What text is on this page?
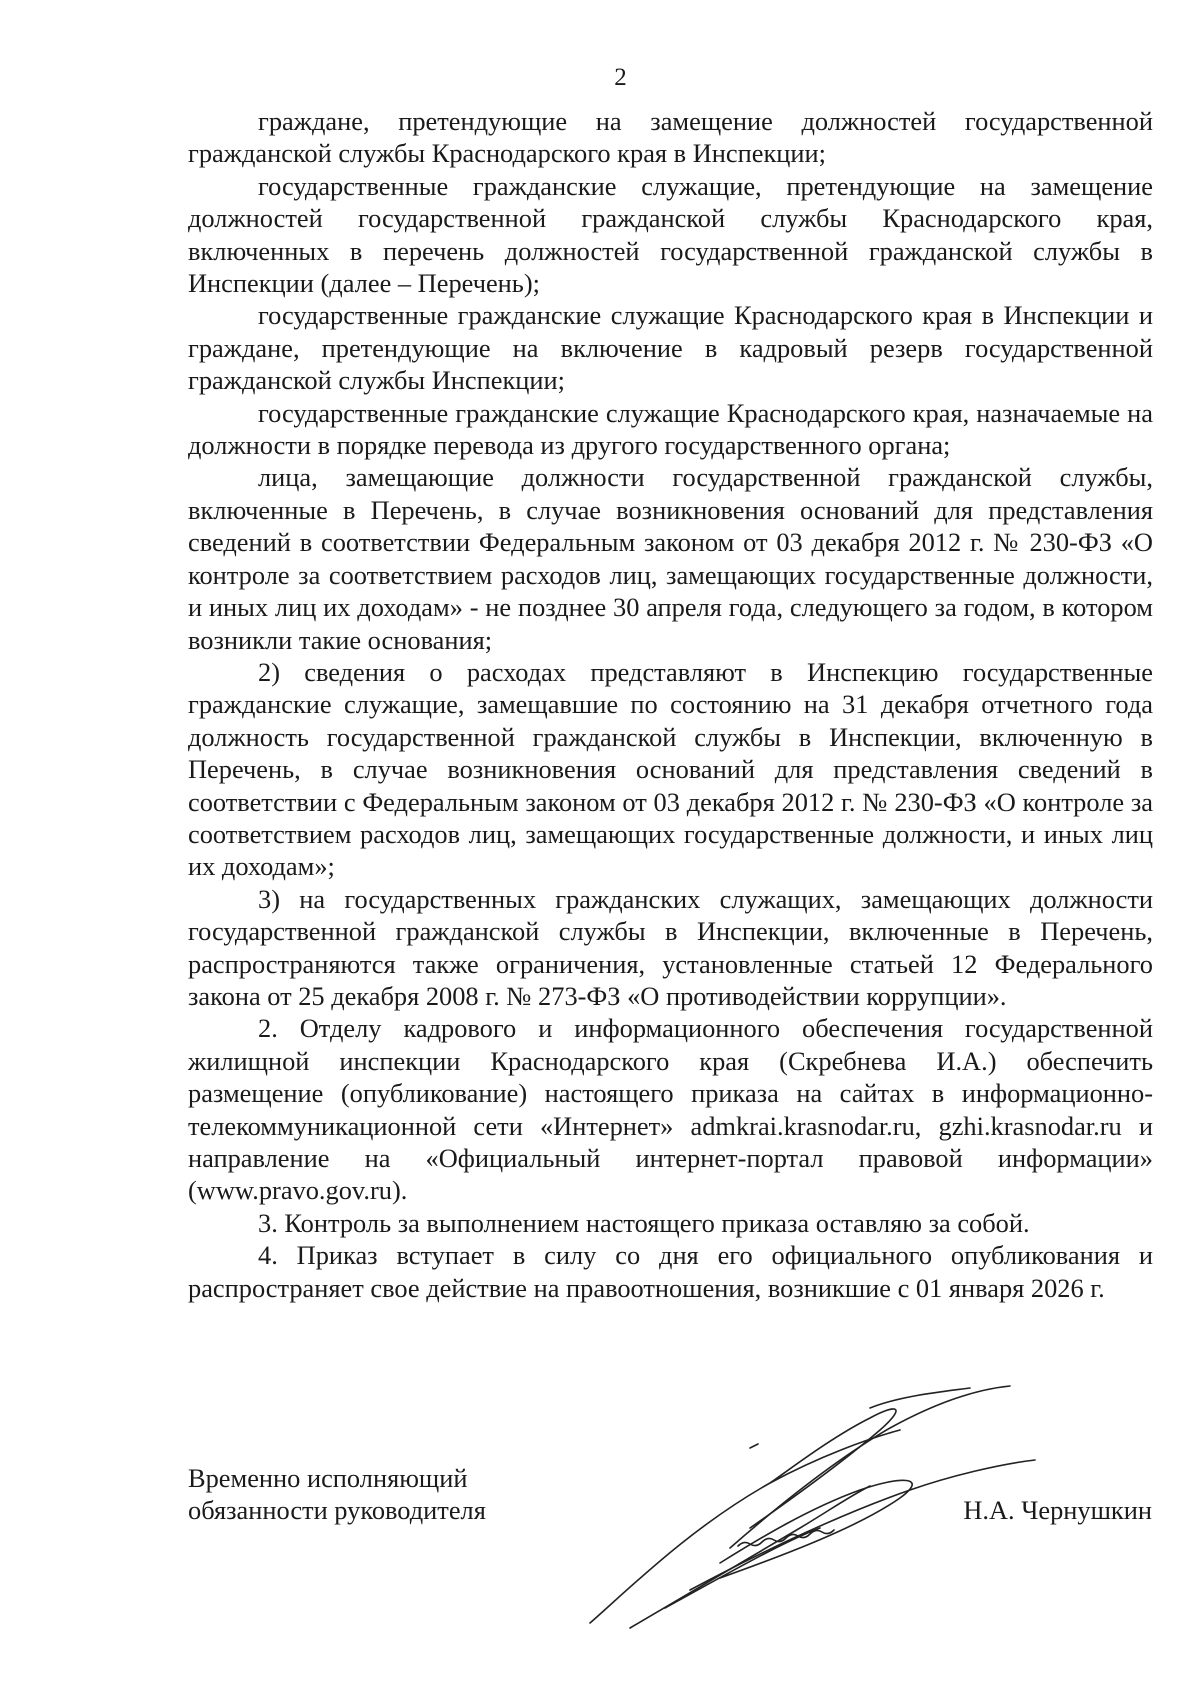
2

граждане, претендующие на замещение должностей государственной гражданской службы Краснодарского края в Инспекции;

государственные гражданские служащие, претендующие на замещение должностей государственной гражданской службы Краснодарского края, включенных в перечень должностей государственной гражданской службы в Инспекции (далее – Перечень);

государственные гражданские служащие Краснодарского края в Инспекции и граждане, претендующие на включение в кадровый резерв государственной гражданской службы Инспекции;

государственные гражданские служащие Краснодарского края, назначаемые на должности в порядке перевода из другого государственного органа;

лица, замещающие должности государственной гражданской службы, включенные в Перечень, в случае возникновения оснований для представления сведений в соответствии Федеральным законом от 03 декабря 2012 г. № 230-ФЗ «О контроле за соответствием расходов лиц, замещающих государственные должности, и иных лиц их доходам» - не позднее 30 апреля года, следующего за годом, в котором возникли такие основания;

2) сведения о расходах представляют в Инспекцию государственные гражданские служащие, замещавшие по состоянию на 31 декабря отчетного года должность государственной гражданской службы в Инспекции, включенную в Перечень, в случае возникновения оснований для представления сведений в соответствии с Федеральным законом от 03 декабря 2012 г. № 230-ФЗ «О контроле за соответствием расходов лиц, замещающих государственные должности, и иных лиц их доходам»;

3) на государственных гражданских служащих, замещающих должности государственной гражданской службы в Инспекции, включенные в Перечень, распространяются также ограничения, установленные статьей 12 Федерального закона от 25 декабря 2008 г. № 273-ФЗ «О противодействии коррупции».

2. Отделу кадрового и информационного обеспечения государственной жилищной инспекции Краснодарского края (Скребнева И.А.) обеспечить размещение (опубликование) настоящего приказа на сайтах в информационно-телекоммуникационной сети «Интернет» admkrai.krasnodar.ru, gzhi.krasnodar.ru и направление на «Официальный интернет-портал правовой информации» (www.pravo.gov.ru).

3. Контроль за выполнением настоящего приказа оставляю за собой.

4. Приказ вступает в силу со дня его официального опубликования и распространяет свое действие на правоотношения, возникшие с 01 января 2026 г.

Временно исполняющий
обязанности руководителя	Н.А. Чернушкин
